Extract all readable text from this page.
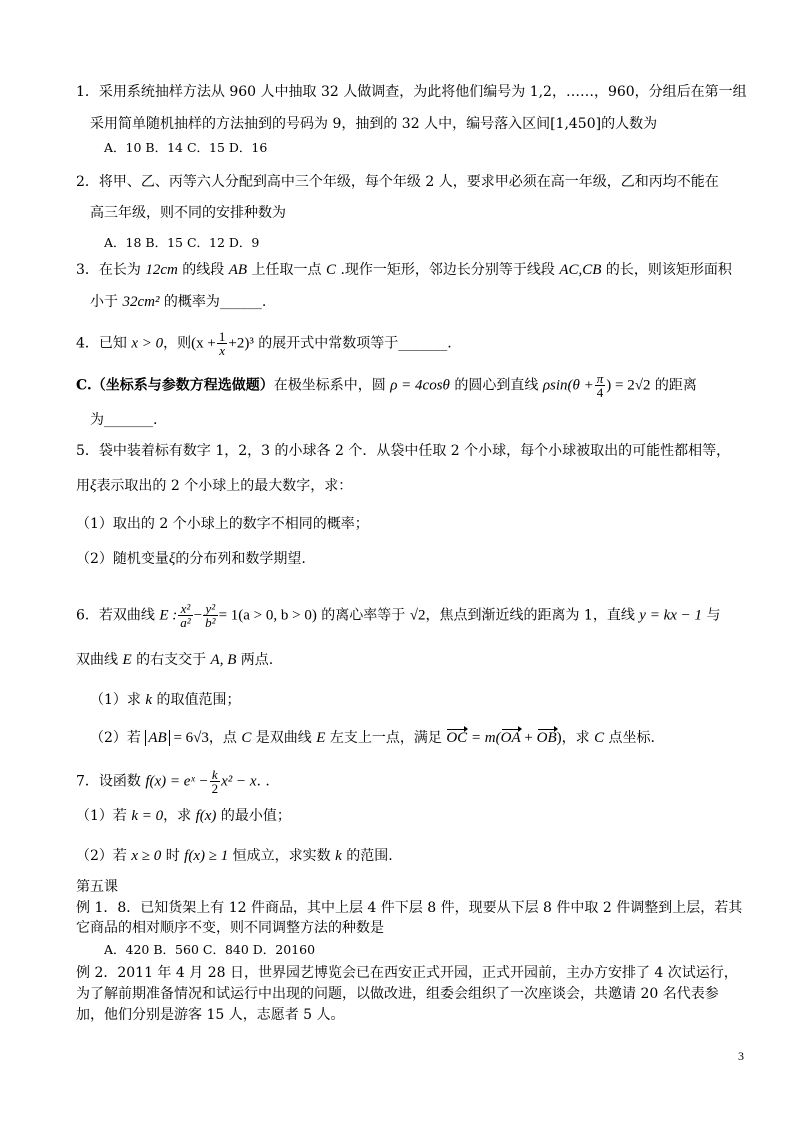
1．采用系统抽样方法从 960 人中抽取 32 人做调查，为此将他们编号为 1,2，……，960，分组后在第一组
采用简单随机抽样的方法抽到的号码为 9，抽到的 32 人中，编号落入区间[1,450]的人数为
A．10 B．14 C．15 D．16
2．将甲、乙、丙等六人分配到高中三个年级，每个年级 2 人，要求甲必须在高一年级，乙和丙均不能在
高三年级，则不同的安排种数为
A．18 B．15 C．12 D．9
3．在长为 12cm 的线段 AB 上任取一点 C .现作一矩形，邻边长分别等于线段 AC,CB 的长，则该矩形面积
小于 32cm² 的概率为______.
4．已知 x > 0，则$(x + \frac{1}{x} +2)^3$ 的展开式中常数项等于_______.
C.（坐标系与参数方程选做题）在极坐标系中，圆 ρ = 4cosθ 的圆心到直线 $\rho\sin(\theta + \frac{\pi}{4}$ ) = 2√2 的距离
为_______.
5．袋中装着标有数字 1，2，3 的小球各 2 个．从袋中任取 2 个小球，每个小球被取出的可能性都相等，
用ξ表示取出的 2 个小球上的最大数字，求：
（1）取出的 2 个小球上的数字不相同的概率；
（2）随机变量ξ的分布列和数学期望.
6．若双曲线 E : $\frac{\text{x²}}{\text{a²}} - \frac{\text{y²}}{\text{b²}} = 1(a > 0$, b > 0) 的离心率等于 √2，焦点到渐近线的距离为 1，直线 y = kx − 1 与
双曲线 E 的右支交于 A, B 两点.
（1）求 k 的取值范围；
（2）若 AB = 6√3，点 C 是双曲线 E 左支上一点，满足 OC = m(OA + OB)，求 C 点坐标.
7．设函数 f(x) = eˣ − $\frac{k}{2} x^2 - x$. .
（1）若 k = 0，求 f(x) 的最小值；
（2）若 x ≥ 0 时 f(x) ≥ 1 恒成立，求实数 k 的范围.
第五课
例 1．8．已知货架上有 12 件商品，其中上层 4 件下层 8 件，现要从下层 8 件中取 2 件调整到上层，若其
它商品的相对顺序不变，则不同调整方法的种数是
A．420 B．560 C．840 D．20160
例 2．2011 年 4 月 28 日，世界园艺博览会已在西安正式开园，正式开园前，主办方安排了 4 次试运行，
为了解前期准备情况和试运行中出现的问题，以做改进，组委会组织了一次座谈会，共邀请 20 名代表参
加，他们分别是游客 15 人，志愿者 5 人。
3
